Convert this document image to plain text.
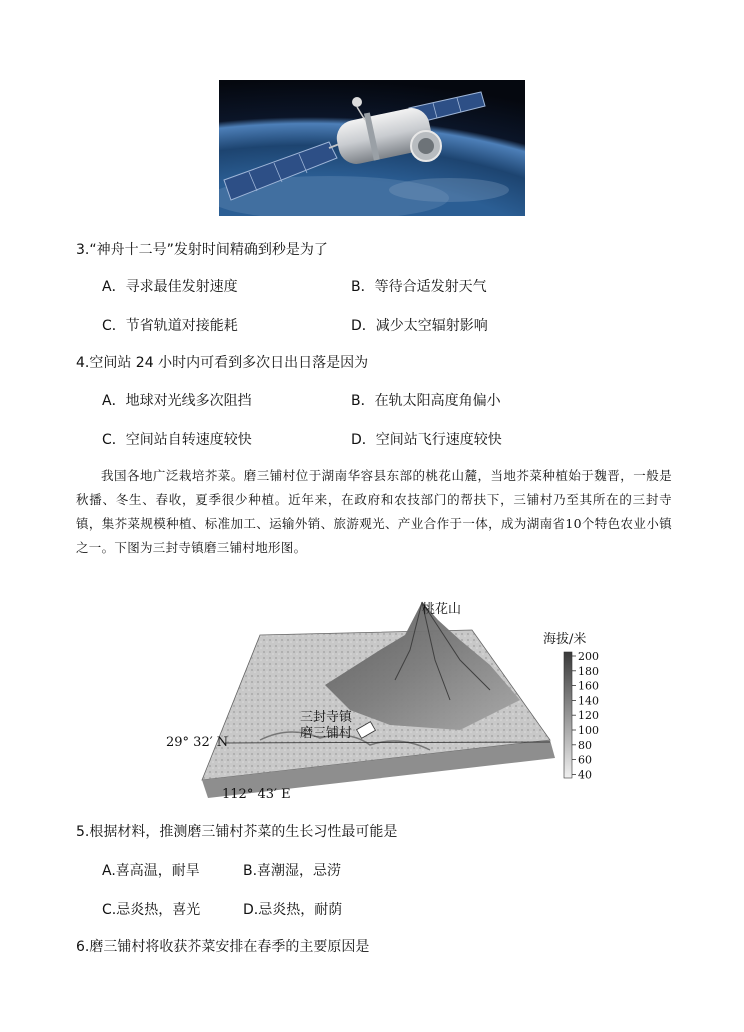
3.“神舟十二号”发射时间精确到秒是为了
A．寻求最佳发射速度	B．等待合适发射天气
C．节省轨道对接能耗	D．减少太空辐射影响
4.空间站 24 小时内可看到多次日出日落是因为
A．地球对光线多次阻挡	B．在轨太阳高度角偏小
C．空间站自转速度较快	D．空间站飞行速度较快
我国各地广泛栽培芥菜。磨三铺村位于湖南华容县东部的桃花山麓，当地芥菜种植始于魏晋，一般是秋播、冬生、春收，夏季很少种植。近年来，在政府和农技部门的帮扶下，三铺村乃至其所在的三封寺镇，集芥菜规模种植、标准加工、运输外销、旅游观光、产业合作于一体，成为湖南省10个特色农业小镇之一。下图为三封寺镇磨三铺村地形图。
桃花山
三封寺镇
磨三铺村
29° 32′ N
112° 43′ E
海拔/米
200
180
160
140
120
100
80
60
40
5.根据材料，推测磨三铺村芥菜的生长习性最可能是
A.喜高温，耐旱	B.喜潮湿，忌涝
C.忌炎热，喜光	D.忌炎热，耐荫
6.磨三铺村将收获芥菜安排在春季的主要原因是
